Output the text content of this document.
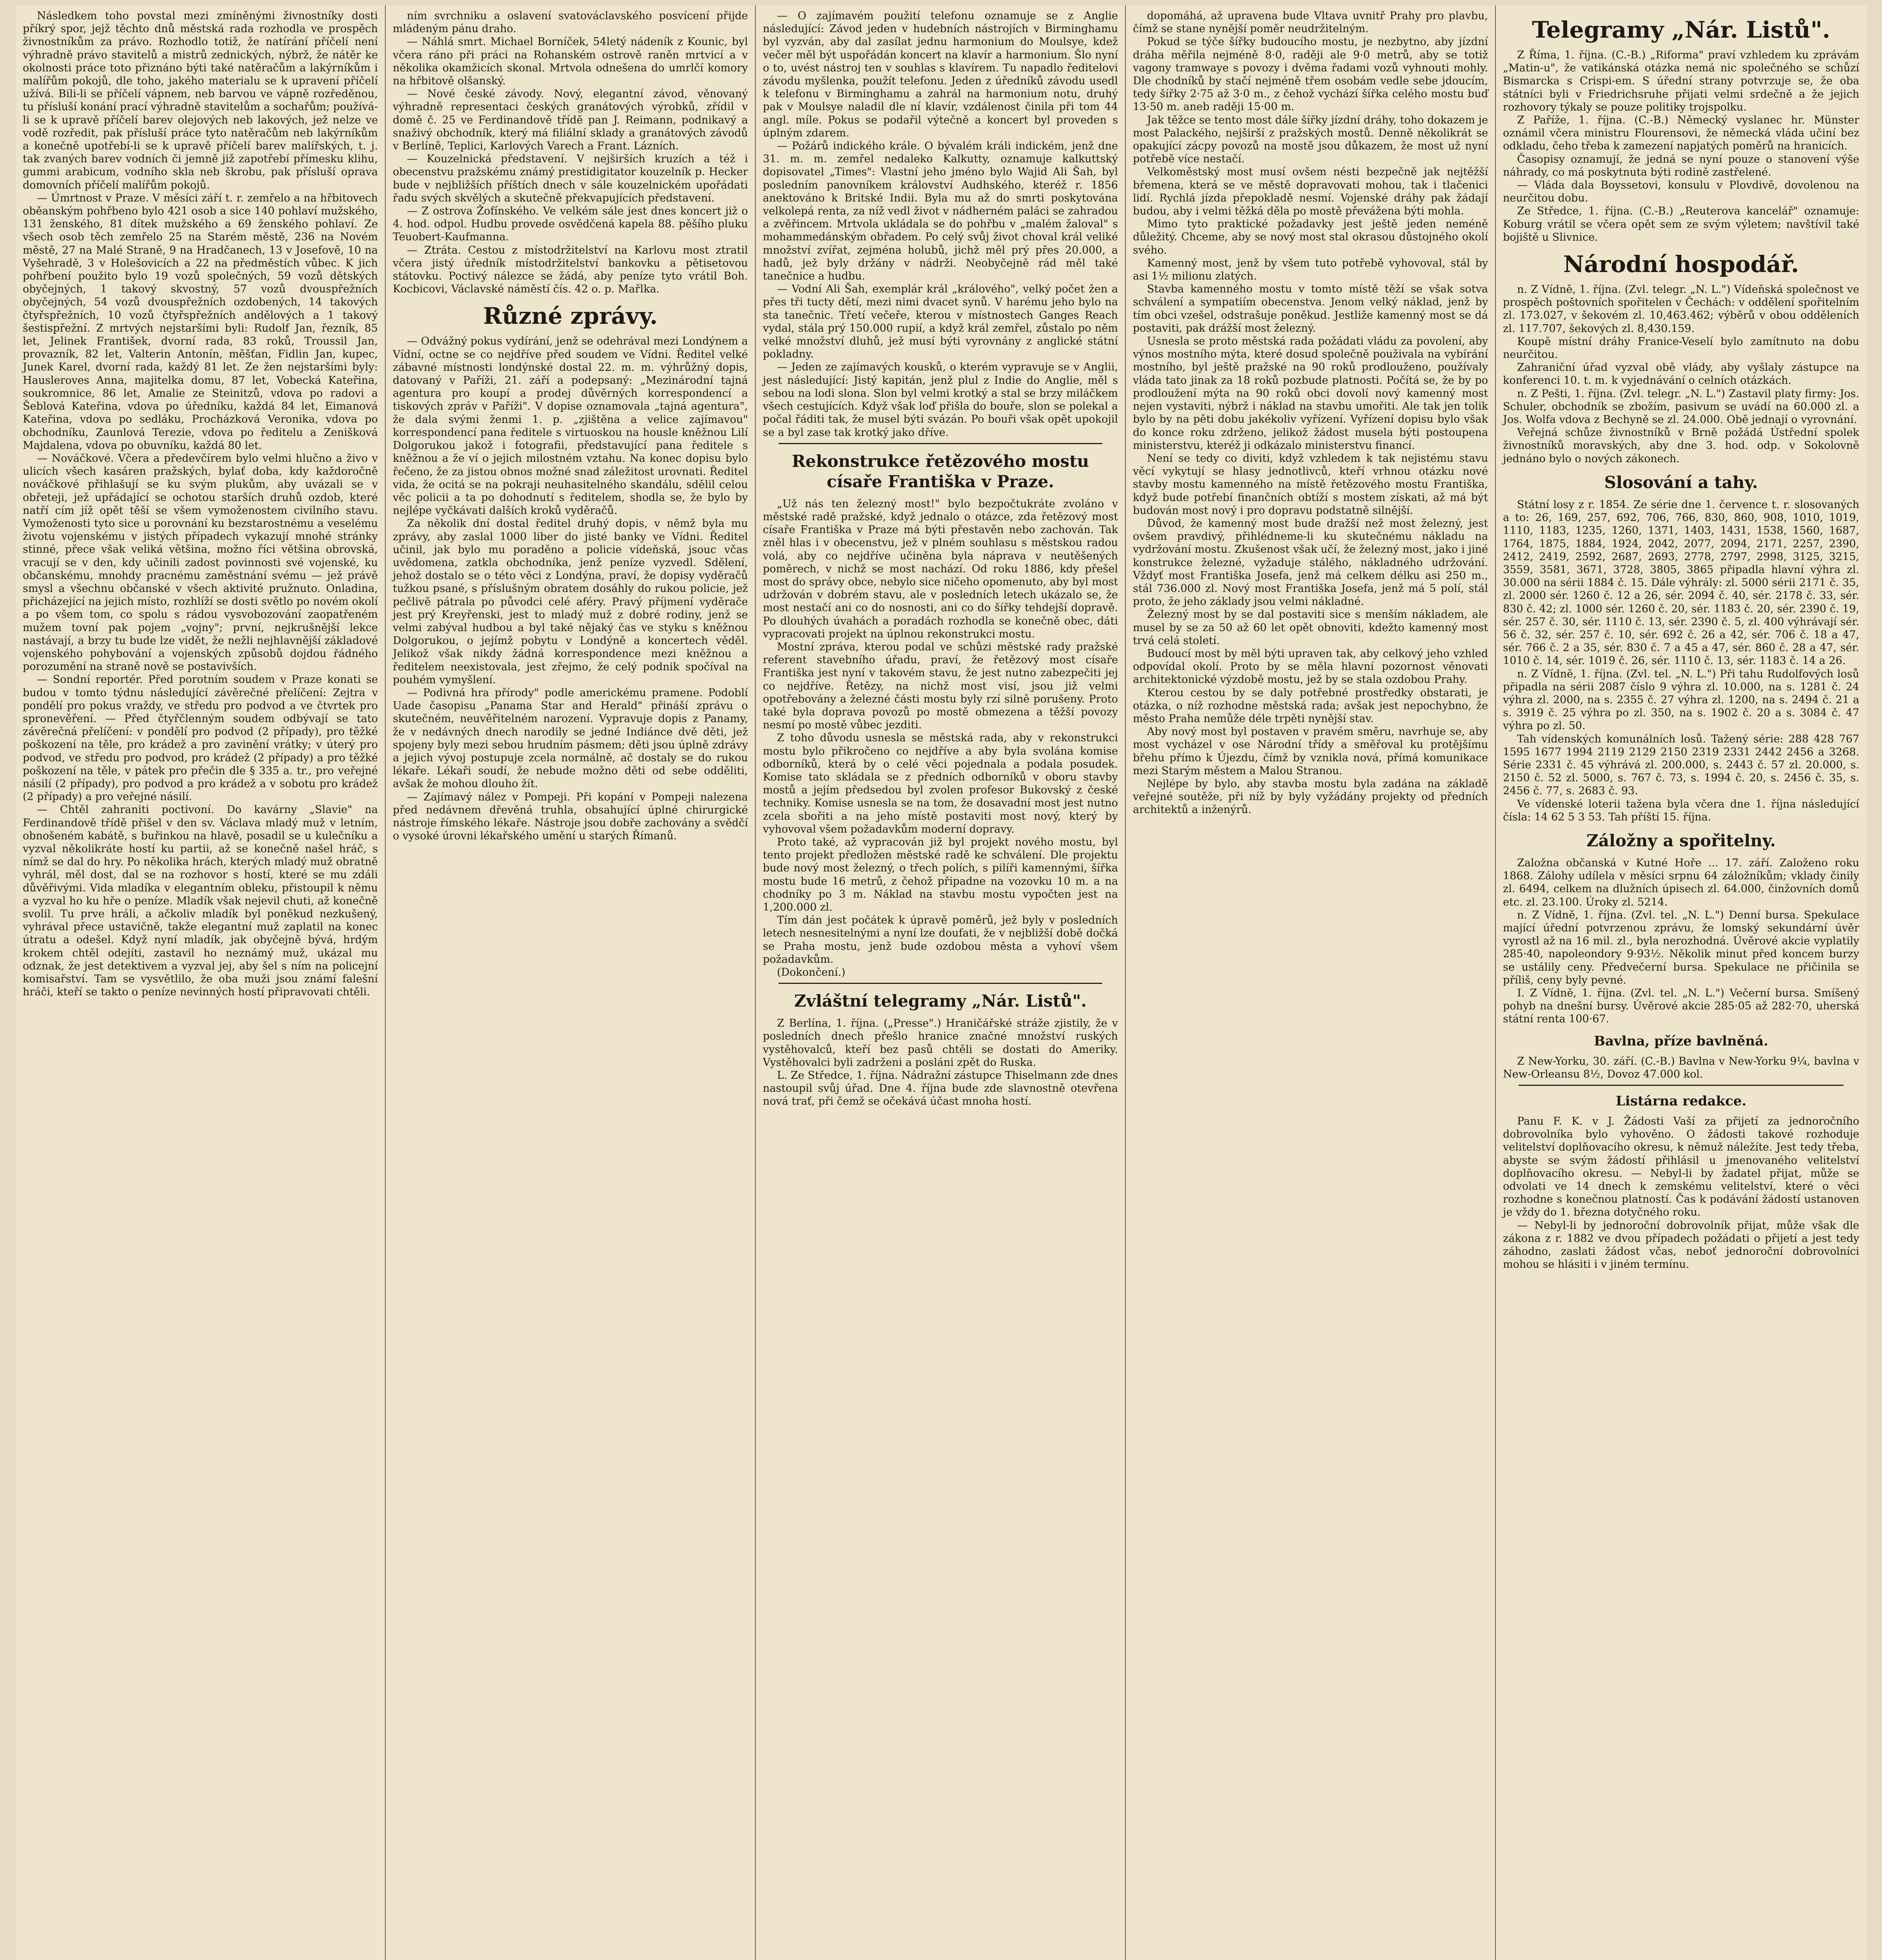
Následkem toho povstal mezi zmíněnými živnostníky dosti příkrý spor, jejž těchto dnů městská rada rozhodla ve prospěch živnostníkům za právo. Rozhodlo totiž, že natírání příčelí není výhradně právo stavitelů a mistrů zednických, nýbrž, že nátěr ke okolnosti práce toto přiznáno býti také natěračům a lakýrníkům i malířům pokojů, dle toho, jakého materialu se k upravení příčelí užívá. Bili-li se příčelí vápnem, neb barvou ve vápně rozředěnou, tu přísluší konání prací výhradně stavitelům a sochařům; používá-li se k upravě příčelí barev olejových neb lakových, jež nelze ve vodě rozředit, pak přísluší práce tyto natěračům neb lakýrníkům a konečně upotřebí-li se k upravě příčelí barev malířských, t. j. tak zvaných barev vodních či jemně již zapotřebí přímesku klihu, gummi arabicum, vodního skla neb škrobu, pak přísluší oprava domovních příčelí malířům pokojů.

— Úmrtnost v Praze. V měsíci září t. r. zemřelo a na hřbitovech oběanským pohřbeno bylo 421 osob a sice 140 pohlaví mužského, 131 ženského, 81 dítek mužského a 69 ženského pohlaví. Ze všech osob těch zemřelo 25 na Starém městě, 236 na Novém městě, 27 na Malé Straně, 9 na Hradčanech, 13 v Josefově, 10 na Vyšehradě, 3 v Holešovicích a 22 na předměstích vůbec. K jich pohřbení použito bylo 19 vozů společných, 59 vozů dětských obyčejných, 1 takový skvostný, 57 vozů dvouspřežních obyčejných, 54 vozů dvouspřežních ozdobených, 14 takových čtyřspřežních, 10 vozů čtyřspřežních andělových a 1 takový šestispřežní. Z mrtvých nejstaršími byli: Rudolf Jan, řezník, 85 let, Jelinek František, dvorní rada, 83 roků, Troussil Jan, provazník, 82 let, Valterin Antonín, měšťan, Fidlin Jan, kupec, Junek Karel, dvorní rada, každý 81 let. Ze žen nejstaršími byly: Hausleroves Anna, majitelka domu, 87 let, Vobecká Kateřina, soukromnice, 86 let, Amalie ze Steinitzů, vdova po radovi a Šeblová Kateřina, vdova po úředníku, každá 84 let, Eimanová Kateřina, vdova po sedláku, Procházková Veronika, vdova po obchodníku, Zaunlová Terezie, vdova po ředitelu a Zenišková Majdalena, vdova po obuvníku, každá 80 let.

— Nováčkové. Včera a předevčírem bylo velmi hlučno a živo v ulicích všech kasáren pražských, bylať doba, kdy každoročně nováčkové přihlašují se ku svým plukům, aby uvázali se v obřeteji, jež upřádající se ochotou starších druhů ozdob, které natří cím jíž opět těší se všem vymoženostem civilního stavu. Vymoženosti tyto sice u porovnání ku bezstarostnému a veselému životu vojenskému v jistých případech vykazují mnohé stránky stinné, přece však veliká většina, možno říci většina obrovská, vracují se v den, kdy učinili zadost povinnosti své vojenské, ku občanskému, mnohdy pracnému zaměstnání svému — jež právě smysl a všechnu občanské v všech aktivité pružnuto. Onladina, přicházející na jejich místo, rozhlíží se dosti světlo po novém okolí a po všem tom, co spolu s rádou vysvobozování zaopatřeném mužem tovní pak pojem „vojny"; první, nejkrušnější lekce nastávají, a brzy tu bude lze vidět, že nežli nejhlavnější základové vojenského pohybování a vojenských způsobů dojdou řádného porozumění na straně nově se postavivších.

— Sondní reportér. Před porotním soudem v Praze konati se budou v tomto týdnu následující závěrečné přelíčení: Zejtra v pondělí pro pokus vraždy, ve středu pro podvod a ve čtvrtek pro spronevěření. — Před čtyřčlenným soudem odbývají se tato závěrečná přelíčení: v pondělí pro podvod (2 případy), pro těžké poškození na těle, pro krádež a pro zavinění vrátky; v úterý pro podvod, ve středu pro podvod, pro krádež (2 případy) a pro těžké poškození na těle, v pátek pro přečin dle § 335 a. tr., pro veřejné násilí (2 případy), pro podvod a pro krádež a v sobotu pro krádež (2 případy) a pro veřejné násilí.

— Chtěl zahraniti poctivoní. Do kavárny „Slavie" na Ferdinandově třídě přišel v den sv. Václava mladý muž v letním, obnošeném kabátě, s buřinkou na hlavě, posadil se u kulečníku a vyzval několikráte hostí ku partii, až se konečně našel hráč, s nímž se dal do hry. Po několika hrách, kterých mladý muž obratně vyhrál, měl dost, dal se na rozhovor s hostí, které se mu zdáli důvěřivými. Vida mladíka v elegantním obleku, přistoupil k němu a vyzval ho ku hře o peníze. Mladík však nejevil chuti, až konečně svolil. Tu prve hráli, a ačkoliv mladík byl poněkud nezkušený, vyhrával přece ustavičně, takže elegantní muž zaplatil na konec útratu a odešel. Když nyní mladík, jak obyčejně bývá, hrdým krokem chtěl odejíti, zastavil ho neznámý muž, ukázal mu odznak, že jest detektivem a vyzval jej, aby šel s ním na policejní komisařství. Tam se vysvětlilo, že oba muži jsou známí falešní hráči, kteří se takto o peníze nevinných hostí připravovati chtěli.

ním svrchniku a oslavení svatováclavského posvícení přijde mládeným pánu draho.

— Náhlá smrt. Michael Borníček, 54letý nádeník z Kounic, byl včera ráno při práci na Rohanském ostrově raněn mrtvicí a v několika okamžicích skonal. Mrtvola odnešena do umrlčí komory na hřbitově olšanský.

— Nové české závody. Nový, elegantní závod, věnovaný výhradně representaci českých granátových výrobků, zřídil v domě č. 25 ve Ferdinandově třídě pan J. Reimann, podnikavý a snaživý obchodník, který má filiální sklady a granátových závodů v Berlíně, Teplici, Karlových Varech a Frant. Lázních.

— Kouzelnická představení. V nejširších kruzích a též i obecenstvu pražskému známý prestidigitator kouzelník p. Hecker bude v nejbližších příštích dnech v sále kouzelnickém upořádati řadu svých skvělých a skutečně překvapujících představení.

— Z ostrova Žofínského. Ve velkém sále jest dnes koncert již o 4. hod. odpol. Hudbu provede osvědčená kapela 88. pěšího pluku Teuobert-Kaufmanna.

— Ztráta. Cestou z místodržitelství na Karlovu most ztratil včera jistý úředník místodržitelství bankovku a pětisetovou státovku. Poctivý nálezce se žádá, aby peníze tyto vrátil Boh. Kocbicovi, Václavské náměstí čís. 42 o. p. Mařlka.

Různé zprávy.

— Odvážný pokus vydírání, jenž se odehrával mezi Londýnem a Vídní, octne se co nejdříve před soudem ve Vídni. Ředitel velké zábavné místnosti londýnské dostal 22. m. m. výhrůžný dopis, datovaný v Paříži, 21. září a podepsaný: „Mezinárodní tajná agentura pro koupí a prodej důvěrných korrespondencí a tiskových zpráv v Paříži". V dopise oznamovala „tajná agentura", že dala svými ženmi 1. p. „zjištěna a velice zajímavou" korrespondencí pana ředitele s virtuoskou na housle kněžnou Lilí Dolgorukou jakož i fotografii, představující pana ředitele s kněžnou a že ví o jejich milostném vztahu. Na konec dopisu bylo řečeno, že za jistou obnos možné snad záležitost urovnati. Ředitel vida, že ocitá se na pokraji neuhasitelného skandálu, sdělil celou věc policii a ta po dohodnutí s ředitelem, shodla se, že bylo by nejlépe vyčkávati dalších kroků vyděračů.

Za několik dní dostal ředitel druhý dopis, v němž byla mu zprávy, aby zaslal 1000 liber do jisté banky ve Vídni. Ředitel učinil, jak bylo mu poraděno a policie vídeňská, jsouc včas uvědomena, zatkla obchodníka, jenž peníze vyzvedl. Sdělení, jehož dostalo se o této věci z Londýna, praví, že dopisy vyděračů tužkou psané, s příslušným obratem dosáhly do rukou policie, jež pečlivě pátrala po původci celé aféry. Pravý příjmení vyděrače jest prý Kreyřenski, jest to mladý muž z dobré rodiny, jenž se velmi zabýval hudbou a byl také nějaký čas ve styku s kněžnou Dolgorukou, o jejímž pobytu v Londýně a koncertech věděl. Jelikož však nikdy žádná korrespondence mezi kněžnou a ředitelem neexistovala, jest zřejmo, že celý podnik spočíval na pouhém vymyšlení.

— Podivná hra přírody" podle americkému pramene. Podoblí Uade časopisu „Panama Star and Herald" přináší zprávu o skutečném, neuvěřitelném narození. Vypravuje dopis z Panamy, že v nedávných dnech narodily se jedné Indiánce dvě děti, jež spojeny byly mezi sebou hrudním pásmem; děti jsou úplně zdrávy a jejich vývoj postupuje zcela normálně, ač dostaly se do rukou lékaře. Lékaři soudí, že nebude možno děti od sebe odděliti, avšak že mohou dlouho žít.

— Zajímavý nález v Pompeji. Při kopání v Pompeji nalezena před nedávnem dřevěná truhla, obsahující úplné chirurgické nástroje římského lékaře. Nástroje jsou dobře zachovány a svědčí o vysoké úrovni lékařského umění u starých Římanů.

— O zajímavém použití telefonu oznamuje se z Anglie následující: Závod jeden v hudebních nástrojích v Birminghamu byl vyzván, aby dal zasílat jednu harmonium do Moulsye, kdež večer měl být uspořádán koncert na klavír a harmonium. Šlo nyní o to, uvést nástroj ten v souhlas s klavírem. Tu napadlo ředitelovi závodu myšlenka, použít telefonu. Jeden z úředníků závodu usedl k telefonu v Birminghamu a zahrál na harmonium notu, druhý pak v Moulsye naladil dle ní klavír, vzdálenost činila při tom 44 angl. míle. Pokus se podařil výtečně a koncert byl proveden s úplným zdarem.

— Požárů indického krále. O bývalém králi indickém, jenž dne 31. m. m. zemřel nedaleko Kalkutty, oznamuje kalkuttský dopisovatel „Times": Vlastní jeho jméno bylo Wajid Ali Šah, byl posledním panovníkem království Audhského, kteréž r. 1856 anektováno k Britské Indii. Byla mu až do smrti poskytována velkolepá renta, za níž vedl život v nádherném paláci se zahradou a zvěřincem. Mrtvola ukládala se do pohřbu v „malém žaloval" s mohammedánským obřadem. Po celý svůj život choval král veliké množství zvířat, zejména holubů, jichž měl prý přes 20.000, a hadů, jež byly držány v nádrži. Neobyčejně rád měl také tanečnice a hudbu.

— Vodní Ali Šah, exemplár král „králového", velký počet žen a přes tři tucty dětí, mezi nimi dvacet synů. V harému jeho bylo na sta tanečnic. Třetí večeře, kterou v místnostech Ganges Reach vydal, stála prý 150.000 rupií, a když král zemřel, zůstalo po něm velké množství dluhů, jež musí býti vyrovnány z anglické státní pokladny.

— Jeden ze zajímavých kousků, o kterém vypravuje se v Anglii, jest následující: Jistý kapitán, jenž plul z Indie do Anglie, měl s sebou na lodi slona. Slon byl velmi krotký a stal se brzy miláčkem všech cestujících. Když však loď přišla do bouře, slon se polekal a počal řáditi tak, že musel býti svázán. Po bouři však opět upokojil se a byl zase tak krotký jako dříve.

Rekonstrukce řetězového mostu císaře Františka v Praze.

„Už nás ten železný most!" bylo bezpočtukráte zvoláno v městské radě pražské, když jednalo o otázce, zda řetězový most císaře Františka v Praze má býti přestavěn nebo zachován. Tak zněl hlas i v obecenstvu, jež v plném souhlasu s městskou radou volá, aby co nejdříve učiněna byla náprava v neutěšených poměrech, v nichž se most nachází. Od roku 1886, kdy přešel most do správy obce, nebylo sice ničeho opomenuto, aby byl most udržován v dobrém stavu, ale v posledních letech ukázalo se, že most nestačí ani co do nosnosti, ani co do šířky tehdejší dopravě. Po dlouhých úvahách a poradách rozhodla se konečně obec, dáti vypracovati projekt na úplnou rekonstrukci mostu.

Mostní zpráva, kterou podal ve schůzi městské rady pražské referent stavebního úřadu, praví, že řetězový most císaře Františka jest nyní v takovém stavu, že jest nutno zabezpečiti jej co nejdříve. Řetězy, na nichž most visí, jsou již velmi opotřebovány a železné části mostu byly rzí silně porušeny. Proto také byla doprava povozů po mostě obmezena a těžší povozy nesmí po mostě vůbec jezditi.

Z toho důvodu usnesla se městská rada, aby v rekonstrukci mostu bylo přikročeno co nejdříve a aby byla svolána komise odborníků, která by o celé věci pojednala a podala posudek. Komise tato skládala se z předních odborníků v oboru stavby mostů a jejím předsedou byl zvolen profesor Bukovský z české techniky. Komise usnesla se na tom, že dosavadní most jest nutno zcela sbořiti a na jeho místě postaviti most nový, který by vyhovoval všem požadavkům moderní dopravy.

Proto také, až vypracován již byl projekt nového mostu, byl tento projekt předložen městské radě ke schválení. Dle projektu bude nový most železný, o třech polích, s pilíři kamennými, šířka mostu bude 16 metrů, z čehož připadne na vozovku 10 m. a na chodníky po 3 m. Náklad na stavbu mostu vypočten jest na 1,200.000 zl.

Tím dán jest počátek k úpravě poměrů, jež byly v posledních letech nesnesitelnými a nyní lze doufati, že v nejbližší době dočká se Praha mostu, jenž bude ozdobou města a vyhoví všem požadavkům.

(Dokončení.)

Zvláštní telegramy „Nár. Listů".

Z Berlína, 1. října. („Presse".) Hraničářské stráže zjistily, že v posledních dnech přešlo hranice značné množství ruských vystěhovalců, kteří bez pasů chtěli se dostati do Ameriky. Vystěhovalci byli zadrženi a posláni zpět do Ruska.

L. Ze Středce, 1. října. Nádražní zástupce Thiselmann zde dnes nastoupil svůj úřad. Dne 4. října bude zde slavnostně otevřena nová trať, při čemž se očekává účast mnoha hostí.

dopomáhá, až upravena bude Vltava uvnitř Prahy pro plavbu, čímž se stane nynější poměr neudržitelným.

Pokud se týče šířky budoucího mostu, je nezbytno, aby jízdní dráha měřila nejméně 8·0, raději ale 9·0 metrů, aby se totiž vagony tramwaye s povozy i dvěma řadami vozů vyhnouti mohly. Dle chodníků by stačí nejméně třem osobám vedle sebe jdoucím, tedy šířky 2·75 až 3·0 m., z čehož vychází šířka celého mostu buď 13·50 m. aneb raději 15·00 m.

Jak těžce se tento most dále šířky jízdní dráhy, toho dokazem je most Palackého, nejširší z pražských mostů. Denně několikrát se opakující zácpy povozů na mostě jsou důkazem, že most už nyní potřebě více nestačí.

Velkoměstský most musí ovšem nésti bezpečně jak nejtěžší břemena, která se ve městě dopravovati mohou, tak i tlačenici lidí. Rychlá jízda přepokladě nesmí. Vojenské dráhy pak žádají budou, aby i velmi těžká děla po mostě převážena býti mohla.

Mimo tyto praktické požadavky jest ještě jeden neméně důležitý. Chceme, aby se nový most stal okrasou důstojného okolí svého.

Kamenný most, jenž by všem tuto potřebě vyhovoval, stál by asi 1½ milionu zlatých.

Stavba kamenného mostu v tomto místě těží se však sotva schválení a sympatiím obecenstva. Jenom velký náklad, jenž by tím obci vzešel, odstrašuje poněkud. Jestliže kamenný most se dá postaviti, pak drážší most železný.

Usnesla se proto městská rada požádati vládu za povolení, aby výnos mostního mýta, které dosud společně použivala na vybírání mostního, byl ještě pražské na 90 roků prodlouženo, používaly vláda tato jinak za 18 roků pozbude platnosti. Počítá se, že by po prodloužení mýta na 90 roků obci dovolí nový kamenný most nejen vystaviti, nýbrž i náklad na stavbu umořiti. Ale tak jen tolik bylo by na pěti dobu jakékoliv vyřízení. Vyřízení dopisu bylo však do konce roku zdrženo, jelikož žádost musela býti postoupena ministerstvu, kteréž ji odkázalo ministerstvu financí.

Není se tedy co diviti, když vzhledem k tak nejistému stavu věcí vykytují se hlasy jednotlivců, kteří vrhnou otázku nové stavby mostu kamenného na místě řetězového mostu Františka, když bude potřebí finančních obtíží s mostem získati, až má být budován most nový i pro dopravu podstatně silnější.

Důvod, že kamenný most bude dražší než most železný, jest ovšem pravdivý, přihlédneme-li ku skutečnému nákladu na vydržování mostu. Zkušenost však učí, že železný most, jako i jiné konstrukce železné, vyžaduje stálého, nákladného udržování. Vždyť most Františka Josefa, jenž má celkem délku asi 250 m., stál 736.000 zl. Nový most Františka Josefa, jenž má 5 polí, stál proto, že jeho základy jsou velmi nákladné.

Železný most by se dal postaviti sice s menším nákladem, ale musel by se za 50 až 60 let opět obnoviti, kdežto kamenný most trvá celá století.

Budoucí most by měl býti upraven tak, aby celkový jeho vzhled odpovídal okolí. Proto by se měla hlavní pozornost věnovati architektonické výzdobě mostu, jež by se stala ozdobou Prahy.

Kterou cestou by se daly potřebné prostředky obstarati, je otázka, o níž rozhodne městská rada; avšak jest nepochybno, že město Praha nemůže déle trpěti nynější stav.

Aby nový most byl postaven v pravém směru, navrhuje se, aby most vycházel v ose Národní třídy a směřoval ku protějšímu břehu přímo k Újezdu, čímž by vznikla nová, přímá komunikace mezi Starým městem a Malou Stranou.

Nejlépe by bylo, aby stavba mostu byla zadána na základě veřejné soutěže, při níž by byly vyžádány projekty od předních architektů a inženýrů.

Telegramy „Nár. Listů".

Z Říma, 1. října. (C.-B.) „Riforma" praví vzhledem ku zprávám „Matin-u", že vatikánská otázka nemá nic společného se schůzí Bismarcka s Crispi-em. S úřední strany potvrzuje se, že oba státníci byli v Friedrichsruhe přijati velmi srdečně a že jejich rozhovory týkaly se pouze politiky trojspolku.

Z Paříže, 1. října. (C.-B.) Německý vyslanec hr. Münster oznámil včera ministru Flourensovi, že německá vláda učiní bez odkladu, čeho třeba k zamezení napjatých poměrů na hranicích.

Časopisy oznamují, že jedná se nyní pouze o stanovení výše náhrady, co má poskytnuta býti rodině zastřelené.

— Vláda dala Boyssetovi, konsulu v Plovdivě, dovolenou na neurčitou dobu.

Ze Středce, 1. října. (C.-B.) „Reuterova kancelář" oznamuje: Koburg vrátil se včera opět sem ze svým výletem; navštívil také bojiště u Slivnice.

Národní hospodář.

n. Z Vídně, 1. října. (Zvl. telegr. „N. L.") Vídeňská společnost ve prospěch poštovních spořitelen v Čechách: v oddělení spořitelním zl. 173.027, v šekovém zl. 10,463.462; výběrů v obou odděleních zl. 117.707, šekových zl. 8,430.159.

Koupě místní dráhy Franice-Veselí bylo zamítnuto na dobu neurčitou.

Zahraniční úřad vyzval obě vlády, aby vyšlaly zástupce na konferenci 10. t. m. k vyjednávání o celních otázkách.

n. Z Pešti, 1. října. (Zvl. telegr. „N. L.") Zastavil platy firmy: Jos. Schuler, obchodník se zbožím, pasivum se uvádí na 60.000 zl. a Jos. Wolfa vdova z Bechyně se zl. 24.000. Obě jednají o vyrovnání.

Veřejná schůze živnostníků v Brně požádá Ústřední spolek živnostníků moravských, aby dne 3. hod. odp. v Sokolovně jednáno bylo o nových zákonech.

Slosování a tahy.

Státní losy z r. 1854. Ze série dne 1. července t. r. slosovaných a to: 26, 169, 257, 692, 706, 766, 830, 860, 908, 1010, 1019, 1110, 1183, 1235, 1260, 1371, 1403, 1431, 1538, 1560, 1687, 1764, 1875, 1884, 1924, 2042, 2077, 2094, 2171, 2257, 2390, 2412, 2419, 2592, 2687, 2693, 2778, 2797, 2998, 3125, 3215, 3559, 3581, 3671, 3728, 3805, 3865 připadla hlavní výhra zl. 30.000 na sérii 1884 č. 15. Dále výhrály: zl. 5000 sérii 2171 č. 35, zl. 2000 sér. 1260 č. 12 a 26, sér. 2094 č. 40, sér. 2178 č. 33, sér. 830 č. 42; zl. 1000 sér. 1260 č. 20, sér. 1183 č. 20, sér. 2390 č. 19, sér. 257 č. 30, sér. 1110 č. 13, sér. 2390 č. 5, zl. 400 výhrávají sér. 56 č. 32, sér. 257 č. 10, sér. 692 č. 26 a 42, sér. 706 č. 18 a 47, sér. 766 č. 2 a 35, sér. 830 č. 7 a 45 a 47, sér. 860 č. 28 a 47, sér. 1010 č. 14, sér. 1019 č. 26, sér. 1110 č. 13, sér. 1183 č. 14 a 26.

n. Z Vídně, 1. října. (Zvl. tel. „N. L.") Při tahu Rudolfových losů připadla na sérii 2087 číslo 9 výhra zl. 10.000, na s. 1281 č. 24 výhra zl. 2000, na s. 2355 č. 27 výhra zl. 1200, na s. 2494 č. 21 a s. 3919 č. 25 výhra po zl. 350, na s. 1902 č. 20 a s. 3084 č. 47 výhra po zl. 50.

Tah vídenských komunálních losů. Tažený série: 288 428 767 1595 1677 1994 2119 2129 2150 2319 2331 2442 2456 a 3268. Série 2331 č. 45 výhrává zl. 200.000, s. 2443 č. 57 zl. 20.000, s. 2150 č. 52 zl. 5000, s. 767 č. 73, s. 1994 č. 20, s. 2456 č. 35, s. 2456 č. 77, s. 2683 č. 93.

Ve vídenské loterii tažena byla včera dne 1. října následující čísla: 14 62 5 3 53. Tah příští 15. října.

Záložny a spořitelny.

Založna občanská v Kutné Hoře ... 17. září. Založeno roku 1868. Zálohy udílela v měsíci srpnu 64 záložníkům; vklady činily zl. 6494, celkem na dlužních úpisech zl. 64.000, činžovních domů etc. zl. 23.100. Úroky zl. 5214.

n. Z Vídně, 1. října. (Zvl. tel. „N. L.") Denní bursa. Spekulace mající úřední potvrzenou zprávu, že lomský sekundární úvěr vyrostl až na 16 mil. zl., byla nerozhodná. Úvěrové akcie vyplatily 285·40, napoleondory 9·93½. Několik minut před koncem burzy se ustálily ceny. Předvečerní bursa. Spekulace ne přičinila se příliš, ceny byly pevné.

I. Z Vídně, 1. října. (Zvl. tel. „N. L.") Večerní bursa. Smíšený pohyb na dnešní bursy. Úvěrové akcie 285·05 až 282·70, uherská státní renta 100·67.

Bavlna, příze bavlněná.

Z New-Yorku, 30. září. (C.-B.) Bavlna v New-Yorku 9¼, bavlna v New-Orleansu 8½, Dovoz 47.000 kol.

Listárna redakce.

Panu F. K. v J. Žádosti Vaší za přijetí za jednoročního dobrovolníka bylo vyhověno. O žádosti takové rozhoduje velitelství doplňovacího okresu, k němuž náležíte. Jest tedy třeba, abyste se svým žádostí přihlásil u jmenovaného velitelství doplňovacího okresu. — Nebyl-li by žadatel přijat, může se odvolati ve 14 dnech k zemskému velitelství, které o věci rozhodne s konečnou platností. Čas k podávání žádostí ustanoven je vždy do 1. března dotyčného roku.

— Nebyl-li by jednoroční dobrovolník přijat, může však dle zákona z r. 1882 ve dvou případech požádati o přijetí a jest tedy záhodno, zaslati žádost včas, neboť jednoroční dobrovolníci mohou se hlásiti i v jiném termínu.
